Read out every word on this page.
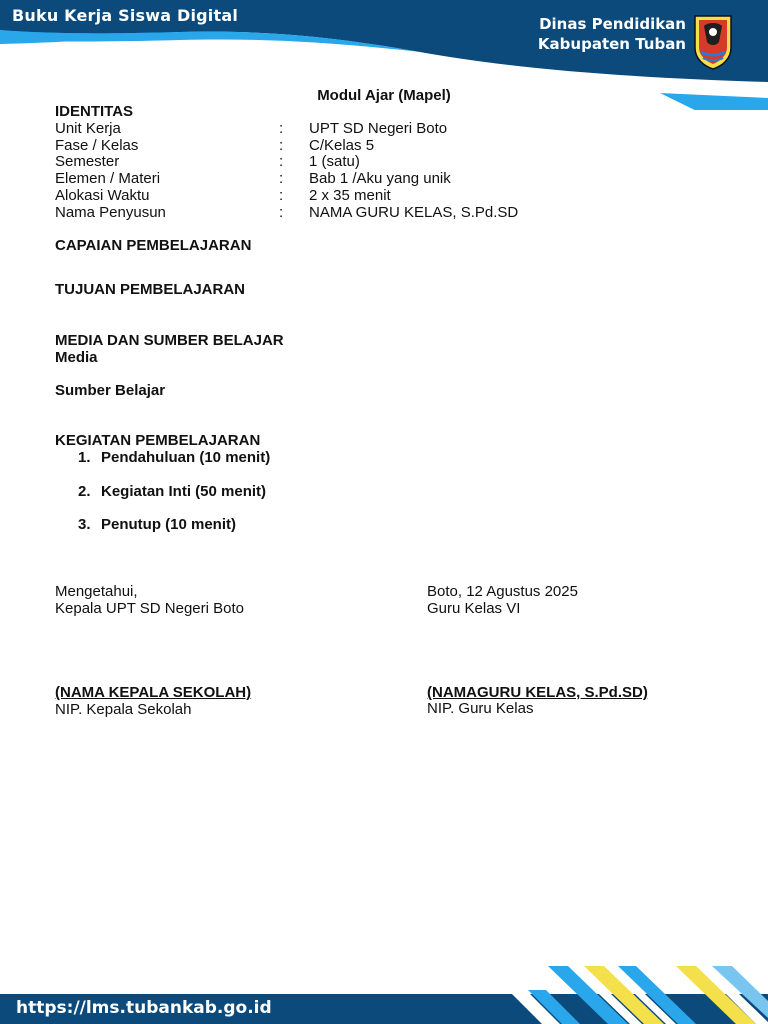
Buku Kerja Siswa Digital	Dinas Pendidikan
Kabupaten Tuban
Modul Ajar (Mapel)
IDENTITAS
Unit Kerja	: UPT SD Negeri Boto
Fase / Kelas	: C/Kelas 5
Semester	: 1 (satu)
Elemen / Materi	: Bab 1 /Aku yang unik
Alokasi Waktu	: 2 x 35 menit
Nama Penyusun	: NAMA GURU KELAS, S.Pd.SD
CAPAIAN PEMBELAJARAN
TUJUAN PEMBELAJARAN
MEDIA DAN SUMBER BELAJAR
Media
Sumber Belajar
KEGIATAN PEMBELAJARAN
1. Pendahuluan (10 menit)
2. Kegiatan Inti (50 menit)
3. Penutup (10 menit)
Mengetahui,
Kepala UPT SD Negeri Boto
(NAMA KEPALA SEKOLAH)
NIP. Kepala Sekolah
Boto, 12 Agustus 2025
Guru Kelas VI
(NAMAGURU KELAS, S.Pd.SD)
NIP. Guru Kelas
https://lms.tubankab.go.id
